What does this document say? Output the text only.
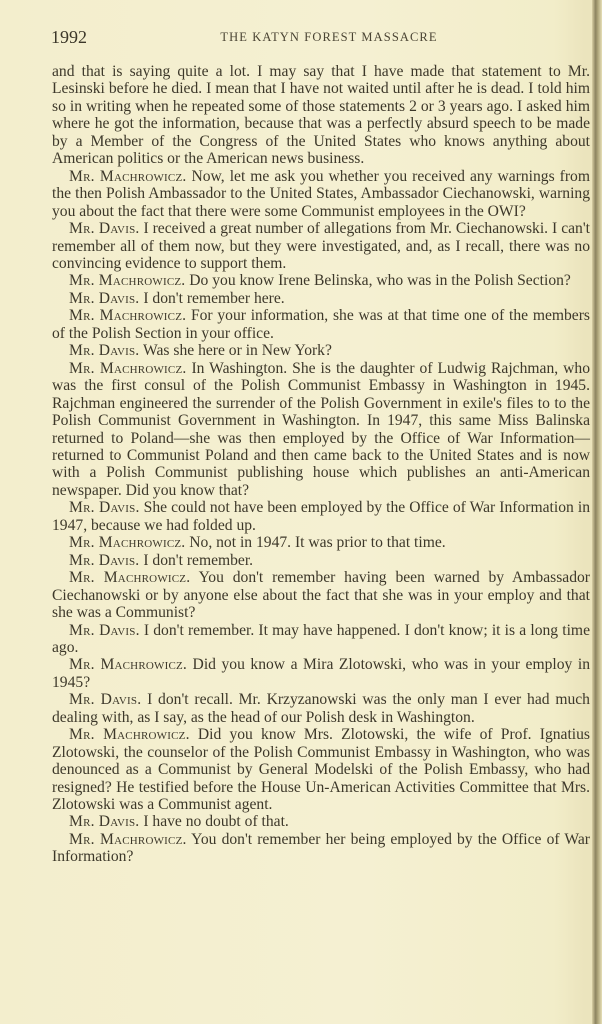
1992	THE KATYN FOREST MASSACRE

and that is saying quite a lot. I may say that I have made that statement to Mr. Lesinski before he died. I mean that I have not waited until after he is dead. I told him so in writing when he repeated some of those statements 2 or 3 years ago. I asked him where he got the information, because that was a perfectly absurd speech to be made by a Member of the Congress of the United States who knows anything about American politics or the American news business.

Mr. Machrowicz. Now, let me ask you whether you received any warnings from the then Polish Ambassador to the United States, Ambassador Ciechanowski, warning you about the fact that there were some Communist employees in the OWI?

Mr. Davis. I received a great number of allegations from Mr. Ciechanowski. I can't remember all of them now, but they were investigated, and, as I recall, there was no convincing evidence to support them.

Mr. Machrowicz. Do you know Irene Belinska, who was in the Polish Section?

Mr. Davis. I don't remember here.

Mr. Machrowicz. For your information, she was at that time one of the members of the Polish Section in your office.

Mr. Davis. Was she here or in New York?

Mr. Machrowicz. In Washington. She is the daughter of Ludwig Rajchman, who was the first consul of the Polish Communist Embassy in Washington in 1945. Rajchman engineered the surrender of the Polish Government in exile's files to to the Polish Communist Government in Washington. In 1947, this same Miss Balinska returned to Poland—she was then employed by the Office of War Information—returned to Communist Poland and then came back to the United States and is now with a Polish Communist publishing house which publishes an anti-American newspaper. Did you know that?

Mr. Davis. She could not have been employed by the Office of War Information in 1947, because we had folded up.

Mr. Machrowicz. No, not in 1947. It was prior to that time.

Mr. Davis. I don't remember.

Mr. Machrowicz. You don't remember having been warned by Ambassador Ciechanowski or by anyone else about the fact that she was in your employ and that she was a Communist?

Mr. Davis. I don't remember. It may have happened. I don't know; it is a long time ago.

Mr. Machrowicz. Did you know a Mira Zlotowski, who was in your employ in 1945?

Mr. Davis. I don't recall. Mr. Krzyzanowski was the only man I ever had much dealing with, as I say, as the head of our Polish desk in Washington.

Mr. Machrowicz. Did you know Mrs. Zlotowski, the wife of Prof. Ignatius Zlotowski, the counselor of the Polish Communist Embassy in Washington, who was denounced as a Communist by General Modelski of the Polish Embassy, who had resigned? He testified before the House Un-American Activities Committee that Mrs. Zlotowski was a Communist agent.

Mr. Davis. I have no doubt of that.

Mr. Machrowicz. You don't remember her being employed by the Office of War Information?
